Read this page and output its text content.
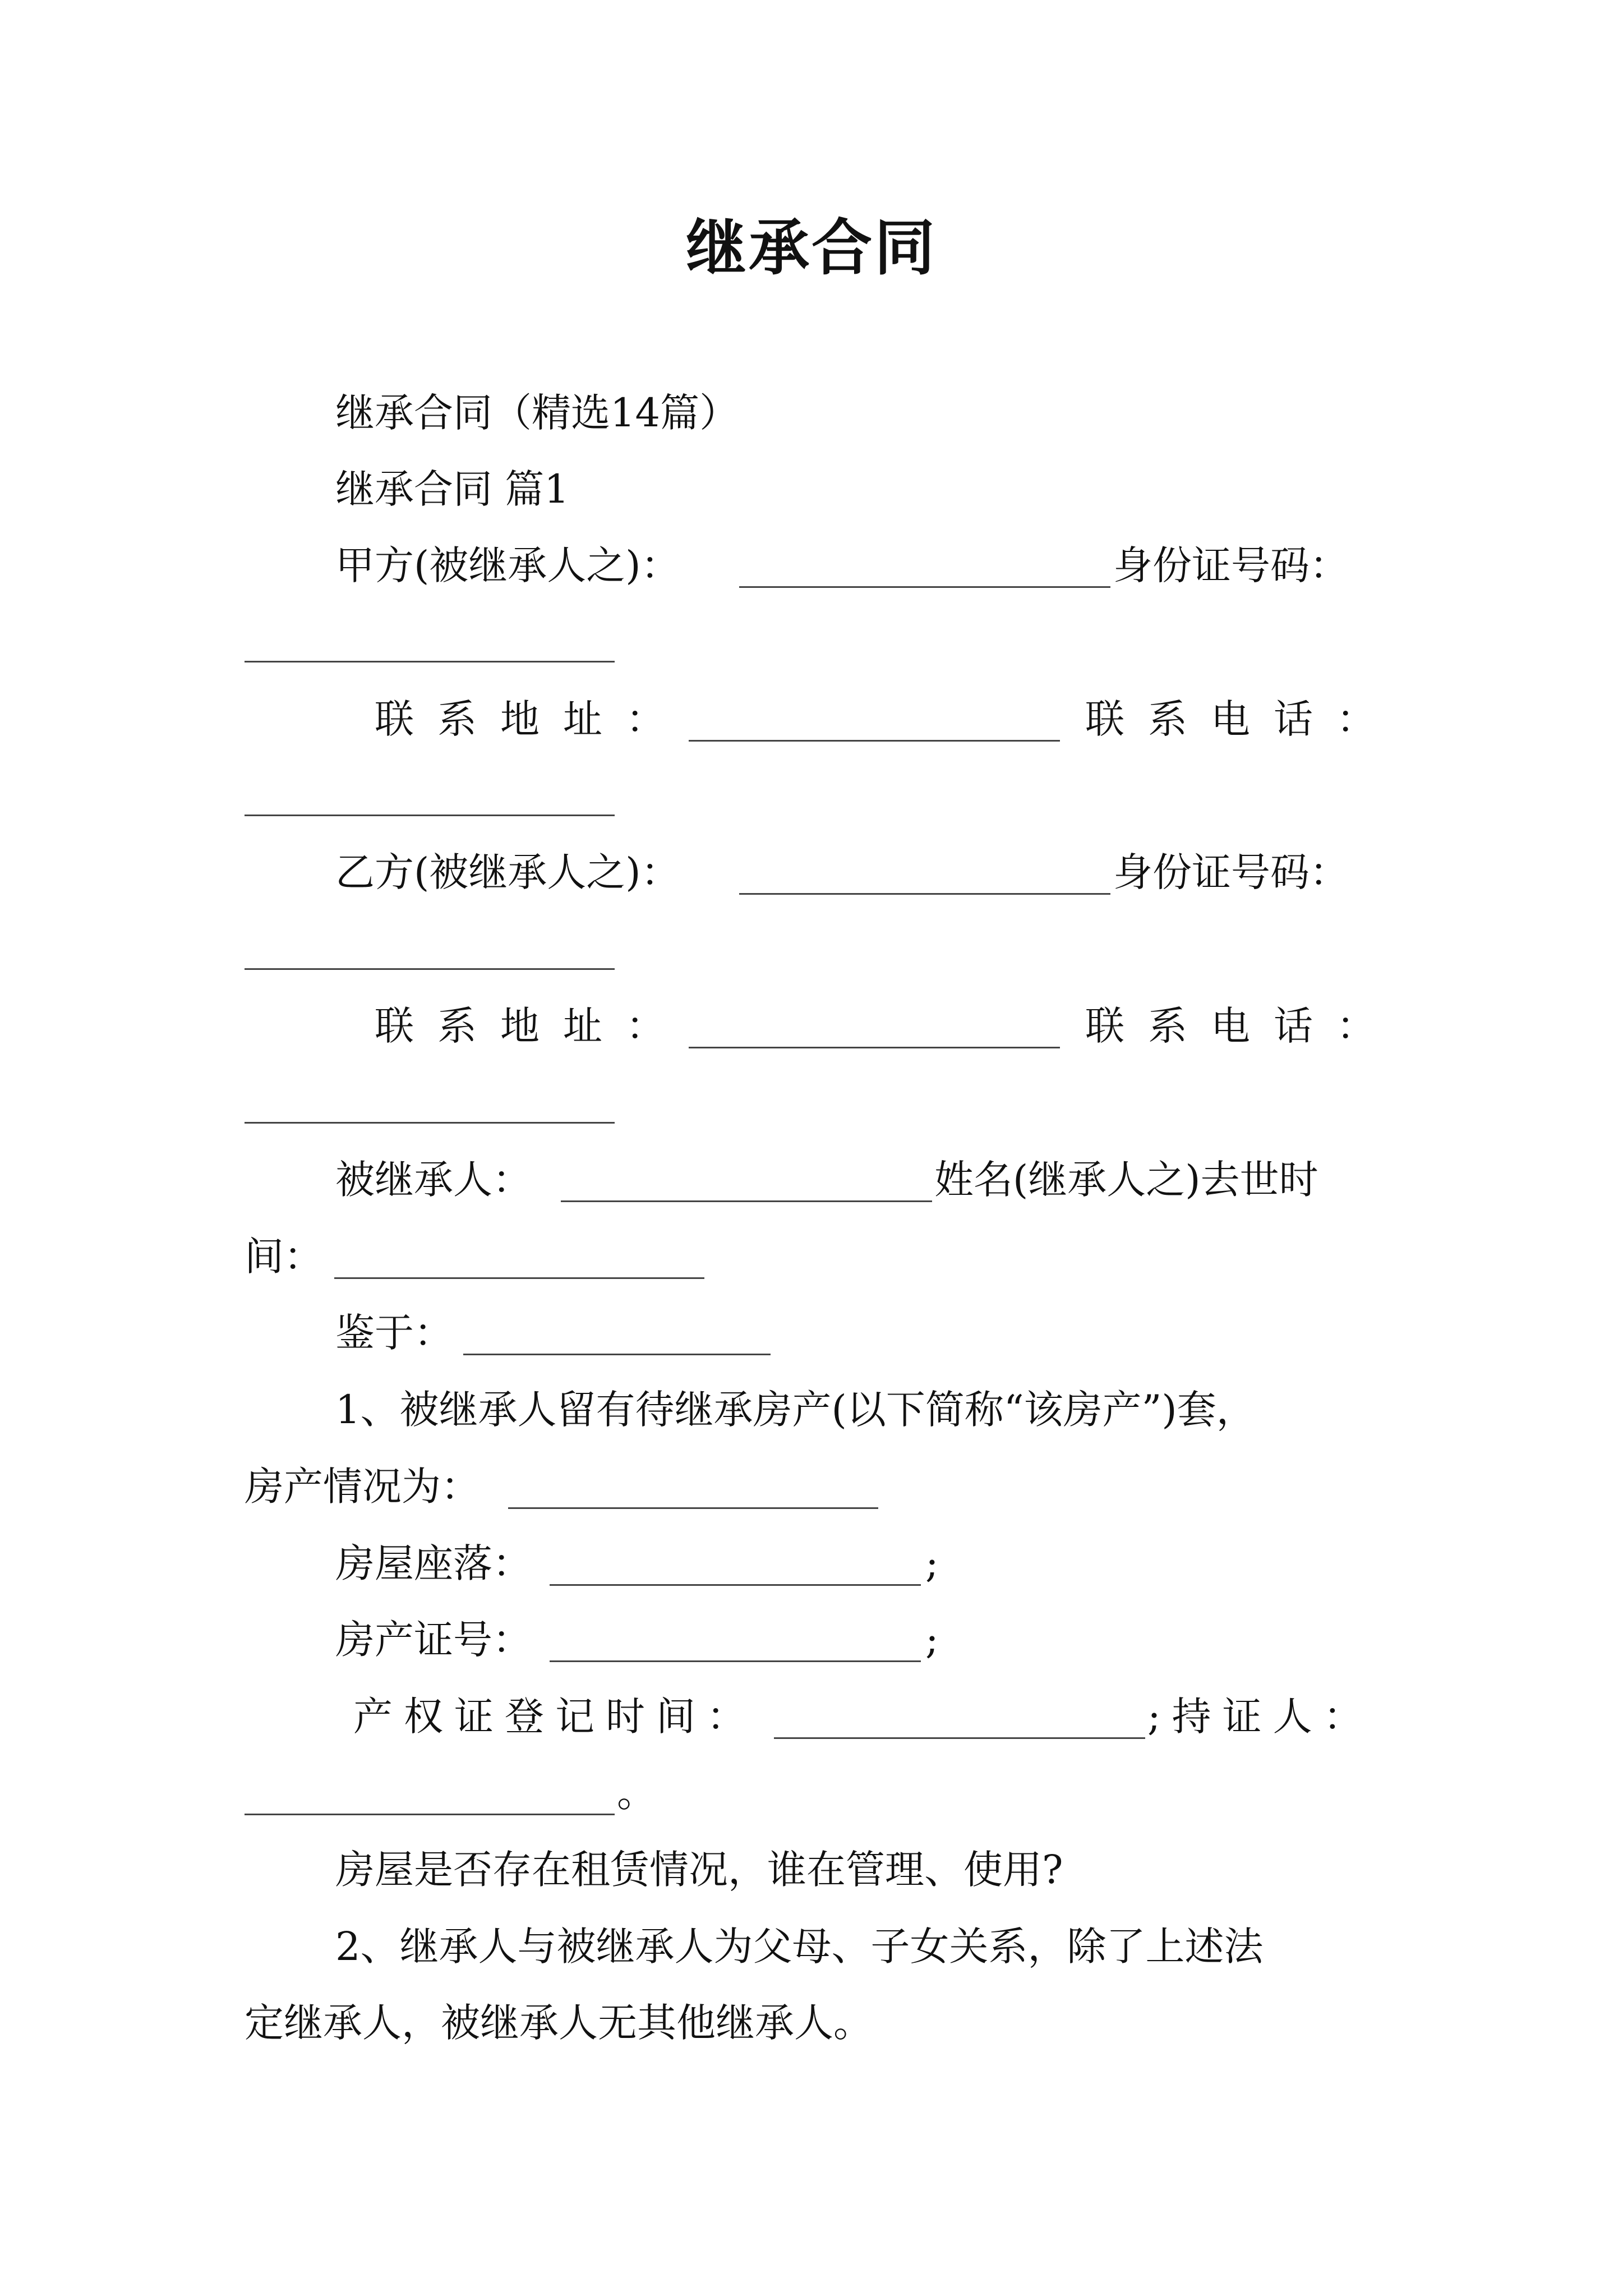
继承合同
继承合同（精选14篇）
继承合同 篇1
甲方(被继承人之)：	身份证号码：
联系地址：	联系电话：
乙方(被继承人之)：	身份证号码：
联系地址：	联系电话：
被继承人：	姓名(继承人之)去世时
间：
鉴于：
1、被继承人留有待继承房产(以下简称“该房产”)套，
房产情况为：
房屋座落：	;
房产证号：	;
产权证登记时间：	;持证人：
。
房屋是否存在租赁情况，谁在管理、使用?
2、继承人与被继承人为父母、子女关系，除了上述法
定继承人，被继承人无其他继承人。
